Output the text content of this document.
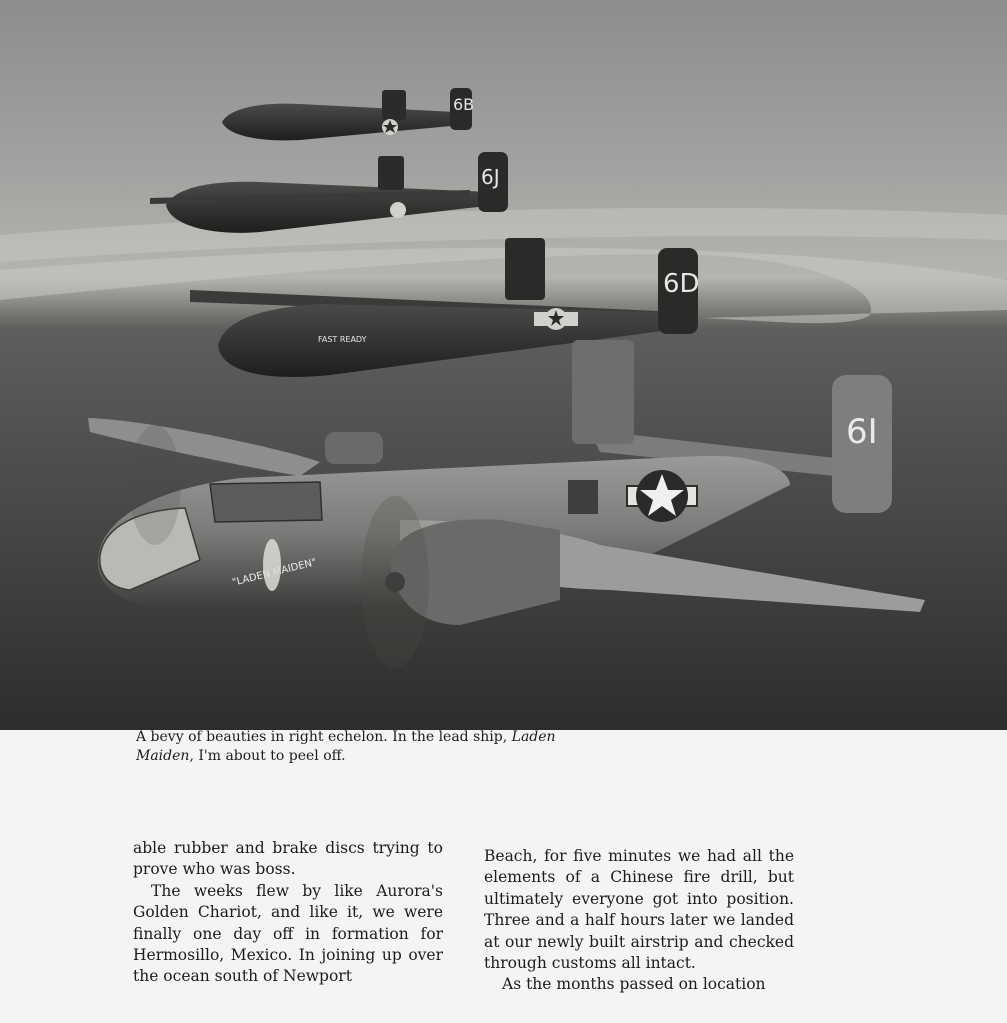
6B
6J
6D
FAST READY
6I
"LADEN MAIDEN"
A bevy of beauties in right echelon. In the lead ship, Laden Maiden, I'm about to peel off.

able rubber and brake discs trying to prove who was boss.

The weeks flew by like Aurora's Golden Chariot, and like it, we were finally one day off in formation for Hermosillo, Mexico. In joining up over the ocean south of Newport

Beach, for five minutes we had all the elements of a Chinese fire drill, but ultimately everyone got into position. Three and a half hours later we landed at our newly built airstrip and checked through customs all intact.

As the months passed on location
